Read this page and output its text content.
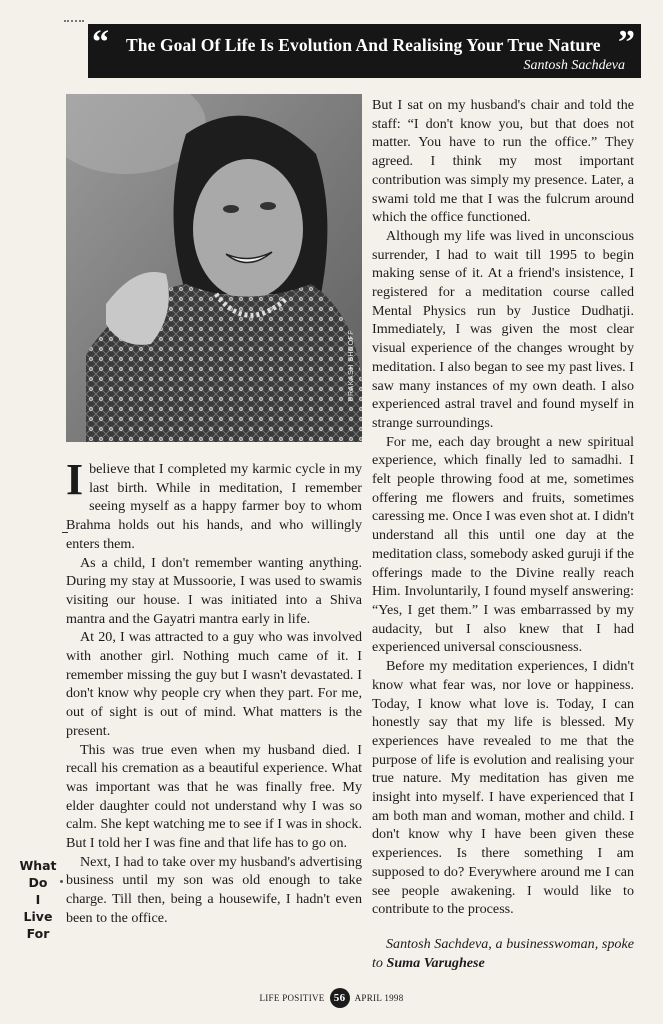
“ The Goal Of Life Is Evolution And Realising Your True Nature ”
Santosh Sachdeva
PRAKASH SHROFF

Ibelieve that I completed my karmic cycle in my last birth. While in meditation, I remember seeing myself as a happy farmer boy to whom Brahma holds out his hands, and who willingly enters them.

As a child, I don't remember wanting anything. During my stay at Mussoorie, I was used to swamis visiting our house. I was initiated into a Shiva mantra and the Gayatri mantra early in life.

At 20, I was attracted to a guy who was involved with another girl. Nothing much came of it. I remember missing the guy but I wasn't devastated. I don't know why people cry when they part. For me, out of sight is out of mind. What matters is the present.

This was true even when my husband died. I recall his cremation as a beautiful experience. What was important was that he was finally free. My elder daughter could not understand why I was so calm. She kept watching me to see if I was in shock. But I told her I was fine and that life has to go on.

Next, I had to take over my husband's advertising business until my son was old enough to take charge. Till then, being a housewife, I hadn't even been to the office.

But I sat on my husband's chair and told the staff: “I don't know you, but that does not matter. You have to run the office.” They agreed. I think my most important contribution was simply my presence. Later, a swami told me that I was the fulcrum around which the office functioned.

Although my life was lived in unconscious surrender, I had to wait till 1995 to begin making sense of it. At a friend's insistence, I registered for a meditation course called Mental Physics run by Justice Dudhatji. Immediately, I was given the most clear visual experience of the changes wrought by meditation. I also began to see my past lives. I saw many instances of my own death. I also experienced astral travel and found myself in strange surroundings.

For me, each day brought a new spiritual experience, which finally led to samadhi. I felt people throwing food at me, sometimes offering me flowers and fruits, sometimes caressing me. Once I was even shot at. I didn't understand all this until one day at the meditation class, somebody asked guruji if the offerings made to the Divine really reach Him. Involuntarily, I found myself answering: “Yes, I get them.” I was embarrassed by my audacity, but I also knew that I had experienced universal consciousness.

Before my meditation experiences, I didn't know what fear was, nor love or happiness. Today, I know what love is. Today, I can honestly say that my life is blessed. My experiences have revealed to me that the purpose of life is evolution and realising your true nature. My meditation has given me insight into myself. I have experienced that I am both man and woman, mother and child. I don't know why I have been given these experiences. Is there something I am supposed to do? Everywhere around me I can see people awakening. I would like to contribute to the process.

Santosh Sachdeva, a businesswoman, spoke to Suma Varughese

What
Do
I
Live
For
LIFE POSITIVE 56	APRIL 1998
